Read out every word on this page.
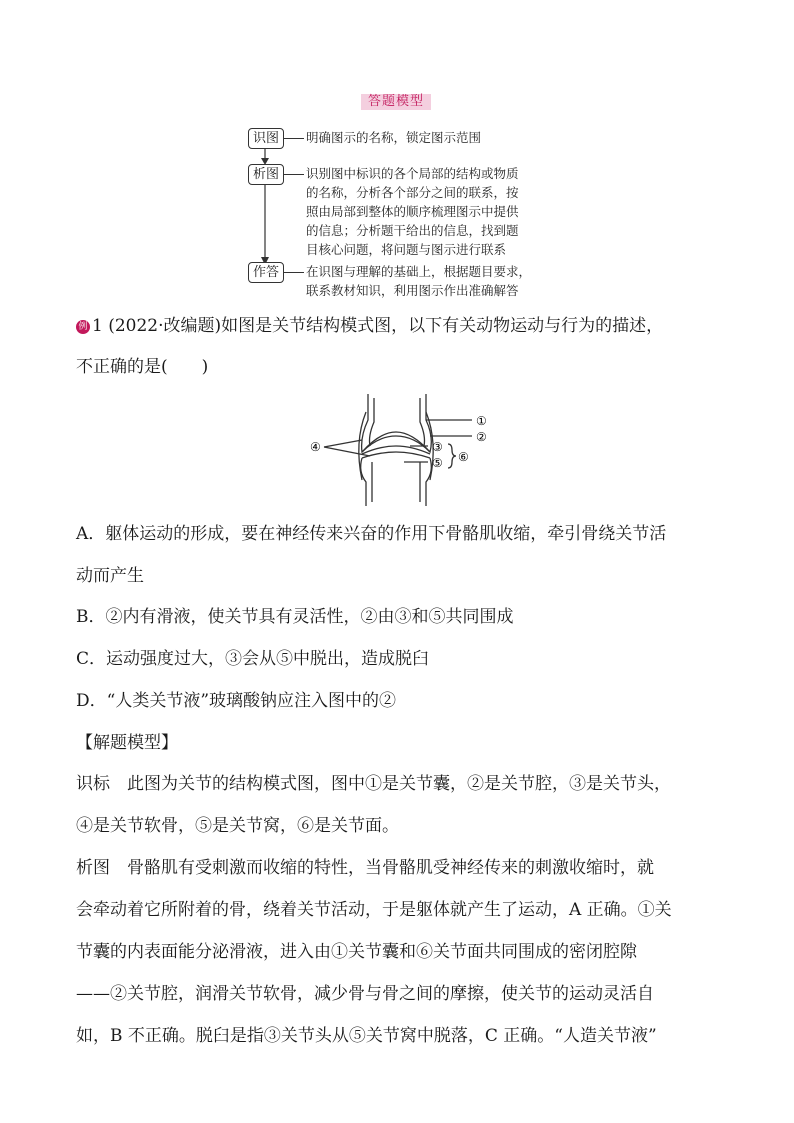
答题模型
识图	明确图示的名称，锁定图示范围
析图	识别图中标识的各个局部的结构或物质
的名称，分析各个部分之间的联系，按
照由局部到整体的顺序梳理图示中提供
的信息；分析题干给出的信息，找到题
目核心问题，将问题与图示进行联系
作答	在识图与理解的基础上，根据题目要求，
联系教材知识，利用图示作出准确解答
例 1 (2022·改编题)如图是关节结构模式图，以下有关动物运动与行为的描述，
不正确的是(　　)
①
②
③
④
⑤ ⑥
A．躯体运动的形成，要在神经传来兴奋的作用下骨骼肌收缩，牵引骨绕关节活
动而产生
B．②内有滑液，使关节具有灵活性，②由③和⑤共同围成
C．运动强度过大，③会从⑤中脱出，造成脱臼
D．“人类关节液”玻璃酸钠应注入图中的②
【解题模型】
识标　此图为关节的结构模式图，图中①是关节囊，②是关节腔，③是关节头，
④是关节软骨，⑤是关节窝，⑥是关节面。
析图　骨骼肌有受刺激而收缩的特性，当骨骼肌受神经传来的刺激收缩时，就
会牵动着它所附着的骨，绕着关节活动，于是躯体就产生了运动，A 正确。①关
节囊的内表面能分泌滑液，进入由①关节囊和⑥关节面共同围成的密闭腔隙
——②关节腔，润滑关节软骨，减少骨与骨之间的摩擦，使关节的运动灵活自
如，B 不正确。脱臼是指③关节头从⑤关节窝中脱落，C 正确。“人造关节液”
